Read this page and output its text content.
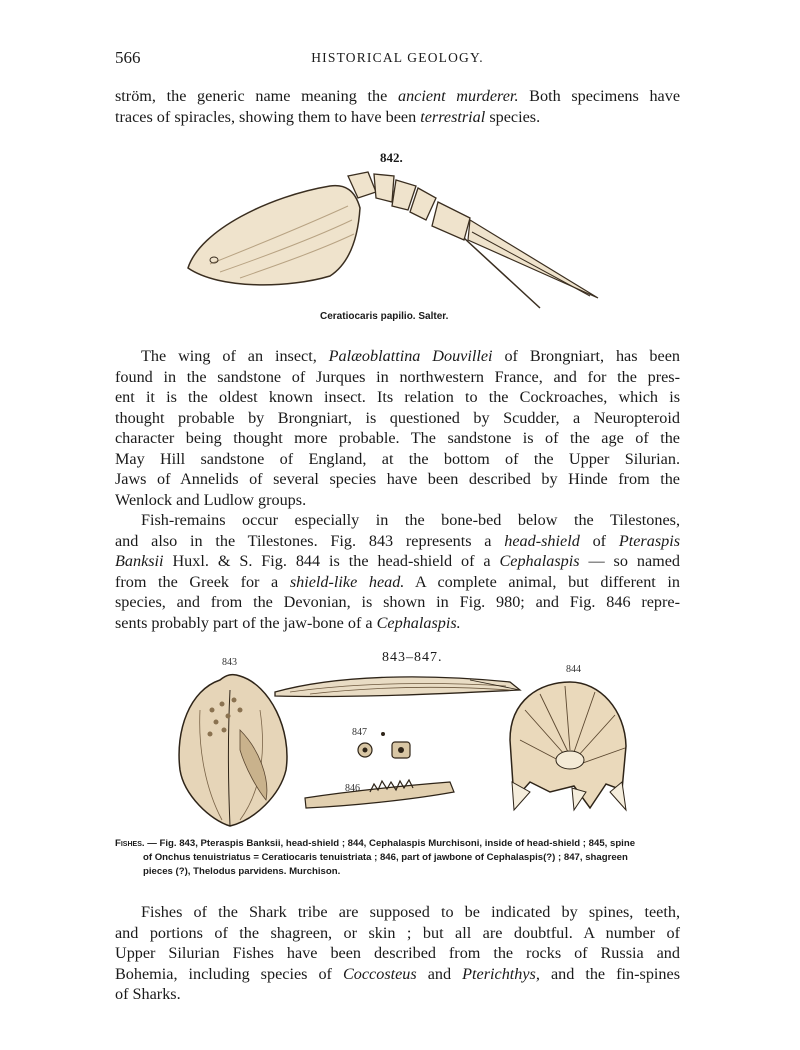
566	HISTORICAL GEOLOGY.

ström, the generic name meaning the ancient murderer. Both specimens have
traces of spiracles, showing them to have been terrestrial species.

842.
Ceratiocaris papilio. Salter.

The wing of an insect, Palæoblattina Douvillei of Brongniart, has been
found in the sandstone of Jurques in northwestern France, and for the pres-
ent it is the oldest known insect. Its relation to the Cockroaches, which is
thought probable by Brongniart, is questioned by Scudder, a Neuropteroid
character being thought more probable. The sandstone is of the age of the
May Hill sandstone of England, at the bottom of the Upper Silurian.
Jaws of Annelids of several species have been described by Hinde from the
Wenlock and Ludlow groups.

Fish-remains occur especially in the bone-bed below the Tilestones,
and also in the Tilestones. Fig. 843 represents a head-shield of Pteraspis
Banksii Huxl. & S. Fig. 844 is the head-shield of a Cephalaspis — so named
from the Greek for a shield-like head. A complete animal, but different in
species, and from the Devonian, is shown in Fig. 980; and Fig. 846 repre-
sents probably part of the jaw-bone of a Cephalaspis.

843–847.
843
844
847
846

Fishes. — Fig. 843, Pteraspis Banksii, head-shield ; 844, Cephalaspis Murchisoni, inside of head-shield ; 845, spine
of Onchus tenuistriatus = Ceratiocaris tenuistriata ; 846, part of jawbone of Cephalaspis(?) ; 847, shagreen
pieces (?), Thelodus parvidens. Murchison.

Fishes of the Shark tribe are supposed to be indicated by spines, teeth,
and portions of the shagreen, or skin ; but all are doubtful. A number of
Upper Silurian Fishes have been described from the rocks of Russia and
Bohemia, including species of Coccosteus and Pterichthys, and the fin-spines
of Sharks.
